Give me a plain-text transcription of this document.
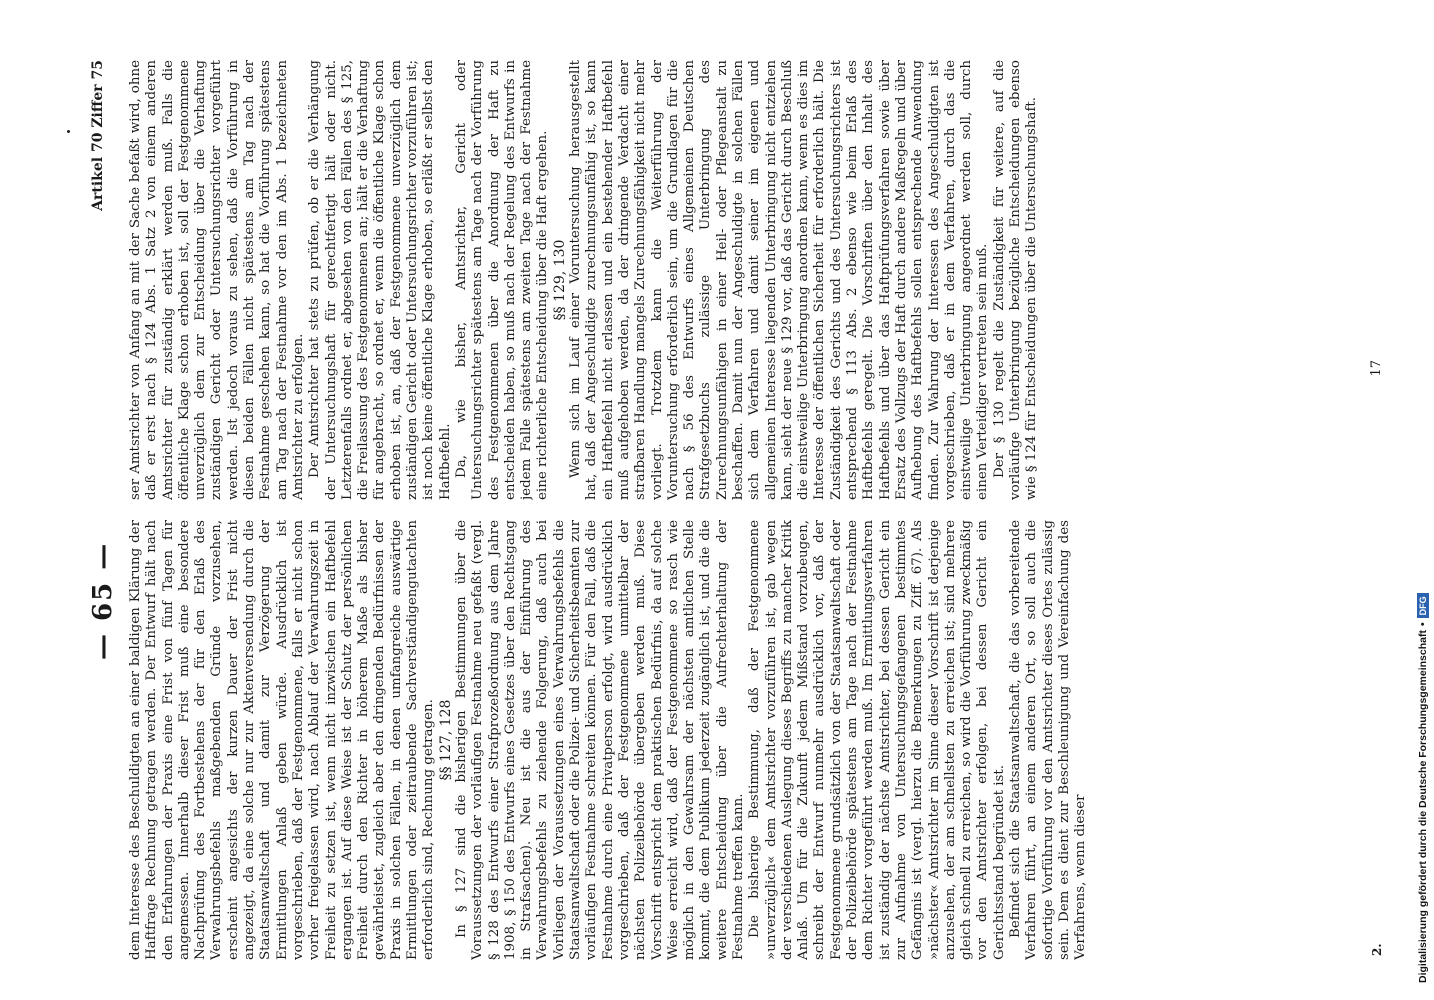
— 65 —
Artikel 70 Ziffer 75

dem Interesse des Beschuldigten an einer baldigen Klärung der Haftfrage Rechnung getragen werden. Der Entwurf hält nach den Erfahrungen der Praxis eine Frist von fünf Tagen für angemessen. Innerhalb dieser Frist muß eine besondere Nachprüfung des Fortbestehens der für den Erlaß des Verwahrungsbefehls maßgebenden Gründe vorzusehen, erscheint angesichts der kurzen Dauer der Frist nicht angezeigt, da eine solche nur zur Aktenversendung durch die Staatsanwaltschaft und damit zur Verzögerung der Ermittlungen Anlaß geben würde. Ausdrücklich ist vorgeschrieben, daß der Festgenommene, falls er nicht schon vorher freigelassen wird, nach Ablauf der Verwahrungszeit in Freiheit zu setzen ist, wenn nicht inzwischen ein Haftbefehl ergangen ist. Auf diese Weise ist der Schutz der persönlichen Freiheit durch den Richter in höherem Maße als bisher gewährleistet, zugleich aber den dringenden Bedürfnissen der Praxis in solchen Fällen, in denen umfangreiche auswärtige Ermittlungen oder zeitraubende Sachverständigengutachten erforderlich sind, Rechnung getragen. §§ 127, 128 In § 127 sind die bisherigen Bestimmungen über die Voraussetzungen der vorläufigen Festnahme neu gefaßt (vergl. § 128 des Entwurfs einer Strafprozeßordnung aus dem Jahre 1908, § 150 des Entwurfs eines Gesetzes über den Rechtsgang in Strafsachen). Neu ist die aus der Einführung des Verwahrungsbefehls zu ziehende Folgerung, daß auch bei Vorliegen der Voraussetzungen eines Verwahrungsbefehls die Staatsanwaltschaft oder die Polizei- und Sicherheitsbeamten zur vorläufigen Festnahme schreiten können. Für den Fall, daß die Festnahme durch eine Privatperson erfolgt, wird ausdrücklich vorgeschrieben, daß der Festgenommene unmittelbar der nächsten Polizeibehörde übergeben werden muß. Diese Vorschrift entspricht dem praktischen Bedürfnis, da auf solche Weise erreicht wird, daß der Festgenommene so rasch wie möglich in den Gewahrsam der nächsten amtlichen Stelle kommt, die dem Publikum jederzeit zugänglich ist, und die die weitere Entscheidung über die Aufrechterhaltung der Festnahme treffen kann. Die bisherige Bestimmung, daß der Festgenommene »unverzüglich« dem Amtsrichter vorzuführen ist, gab wegen der verschiedenen Auslegung dieses Begriffs zu mancher Kritik Anlaß. Um für die Zukunft jedem Mißstand vorzubeugen, schreibt der Entwurf nunmehr ausdrücklich vor, daß der Festgenommene grundsätzlich von der Staatsanwaltschaft oder der Polizeibehörde spätestens am Tage nach der Festnahme dem Richter vorgeführt werden muß. Im Ermittlungsverfahren ist zuständig der nächste Amtsrichter, bei dessen Gericht ein zur Aufnahme von Untersuchungsgefangenen bestimmtes Gefängnis ist (vergl. hierzu die Bemerkungen zu Ziff. 67). Als »nächster« Amtsrichter im Sinne dieser Vorschrift ist derjenige anzusehen, der am schnellsten zu erreichen ist; sind mehrere gleich schnell zu erreichen, so wird die Vorführung zweckmäßig vor den Amtsrichter erfolgen, bei dessen Gericht ein Gerichtsstand begründet ist. Befindet sich die Staatsanwaltschaft, die das vorbereitende Verfahren führt, an einem anderen Ort, so soll auch die sofortige Vorführung vor den Amtsrichter dieses Ortes zulässig sein. Dem es dient zur Beschleunigung und Vereinfachung des Verfahrens, wenn dieser

ser Amtsrichter von Anfang an mit der Sache befaßt wird, ohne daß er erst nach § 124 Abs. 1 Satz 2 von einem anderen Amtsrichter für zuständig erklärt werden muß. Falls die öffentliche Klage schon erhoben ist, soll der Festgenommene unverzüglich dem zur Entscheidung über die Verhaftung zuständigen Gericht oder Untersuchungsrichter vorgeführt werden. Ist jedoch voraus zu sehen, daß die Vorführung in diesen beiden Fällen nicht spätestens am Tag nach der Festnahme geschehen kann, so hat die Vorführung spätestens am Tag nach der Festnahme vor den im Abs. 1 bezeichneten Amtsrichter zu erfolgen. Der Amtsrichter hat stets zu prüfen, ob er die Verhängung der Untersuchungshaft für gerechtfertigt hält oder nicht. Letzterenfalls ordnet er, abgesehen von den Fällen des § 125, die Freilassung des Festgenommenen an; hält er die Verhaftung für angebracht, so ordnet er, wenn die öffentliche Klage schon erhoben ist, an, daß der Festgenommene unverzüglich dem zuständigen Gericht oder Untersuchungsrichter vorzuführen ist; ist noch keine öffentliche Klage erhoben, so erläßt er selbst den Haftbefehl. Da, wie bisher, Amtsrichter, Gericht oder Untersuchungsrichter spätestens am Tage nach der Vorführung des Festgenommenen über die Anordnung der Haft zu entscheiden haben, so muß nach der Regelung des Entwurfs in jedem Falle spätestens am zweiten Tage nach der Festnahme eine richterliche Entscheidung über die Haft ergehen. §§ 129, 130 Wenn sich im Lauf einer Voruntersuchung herausgestellt hat, daß der Angeschuldigte zurechnungsunfähig ist, so kann ein Haftbefehl nicht erlassen und ein bestehender Haftbefehl muß aufgehoben werden, da der dringende Verdacht einer strafbaren Handlung mangels Zurechnungsfähigkeit nicht mehr vorliegt. Trotzdem kann die Weiterführung der Voruntersuchung erforderlich sein, um die Grundlagen für die nach § 56 des Entwurfs eines Allgemeinen Deutschen Strafgesetzbuchs zulässige Unterbringung des Zurechnungsunfähigen in einer Heil- oder Pflegeanstalt zu beschaffen. Damit nun der Angeschuldigte in solchen Fällen sich dem Verfahren und damit seiner im eigenen und allgemeinen Interesse liegenden Unterbringung nicht entziehen kann, sieht der neue § 129 vor, daß das Gericht durch Beschluß die einstweilige Unterbringung anordnen kann, wenn es dies im Interesse der öffentlichen Sicherheit für erforderlich hält. Die Zuständigkeit des Gerichts und des Untersuchungsrichters ist entsprechend § 113 Abs. 2 ebenso wie beim Erlaß des Haftbefehls geregelt. Die Vorschriften über den Inhalt des Haftbefehls und über das Haftprüfungsverfahren sowie über Ersatz des Vollzugs der Haft durch andere Maßregeln und über Aufhebung des Haftbefehls sollen entsprechende Anwendung finden. Zur Wahrung der Interessen des Angeschuldigten ist vorgeschrieben, daß er in dem Verfahren, durch das die einstweilige Unterbringung angeordnet werden soll, durch einen Verteidiger vertreten sein muß. Der § 130 regelt die Zuständigkeit für weitere, auf die vorläufige Unterbringung bezügliche Entscheidungen ebenso wie § 124 für Entscheidungen über die Untersuchungshaft.

2.
17
Digitalisierung gefördert durch die Deutsche Forschungsgemeinschaft
•
DFG
